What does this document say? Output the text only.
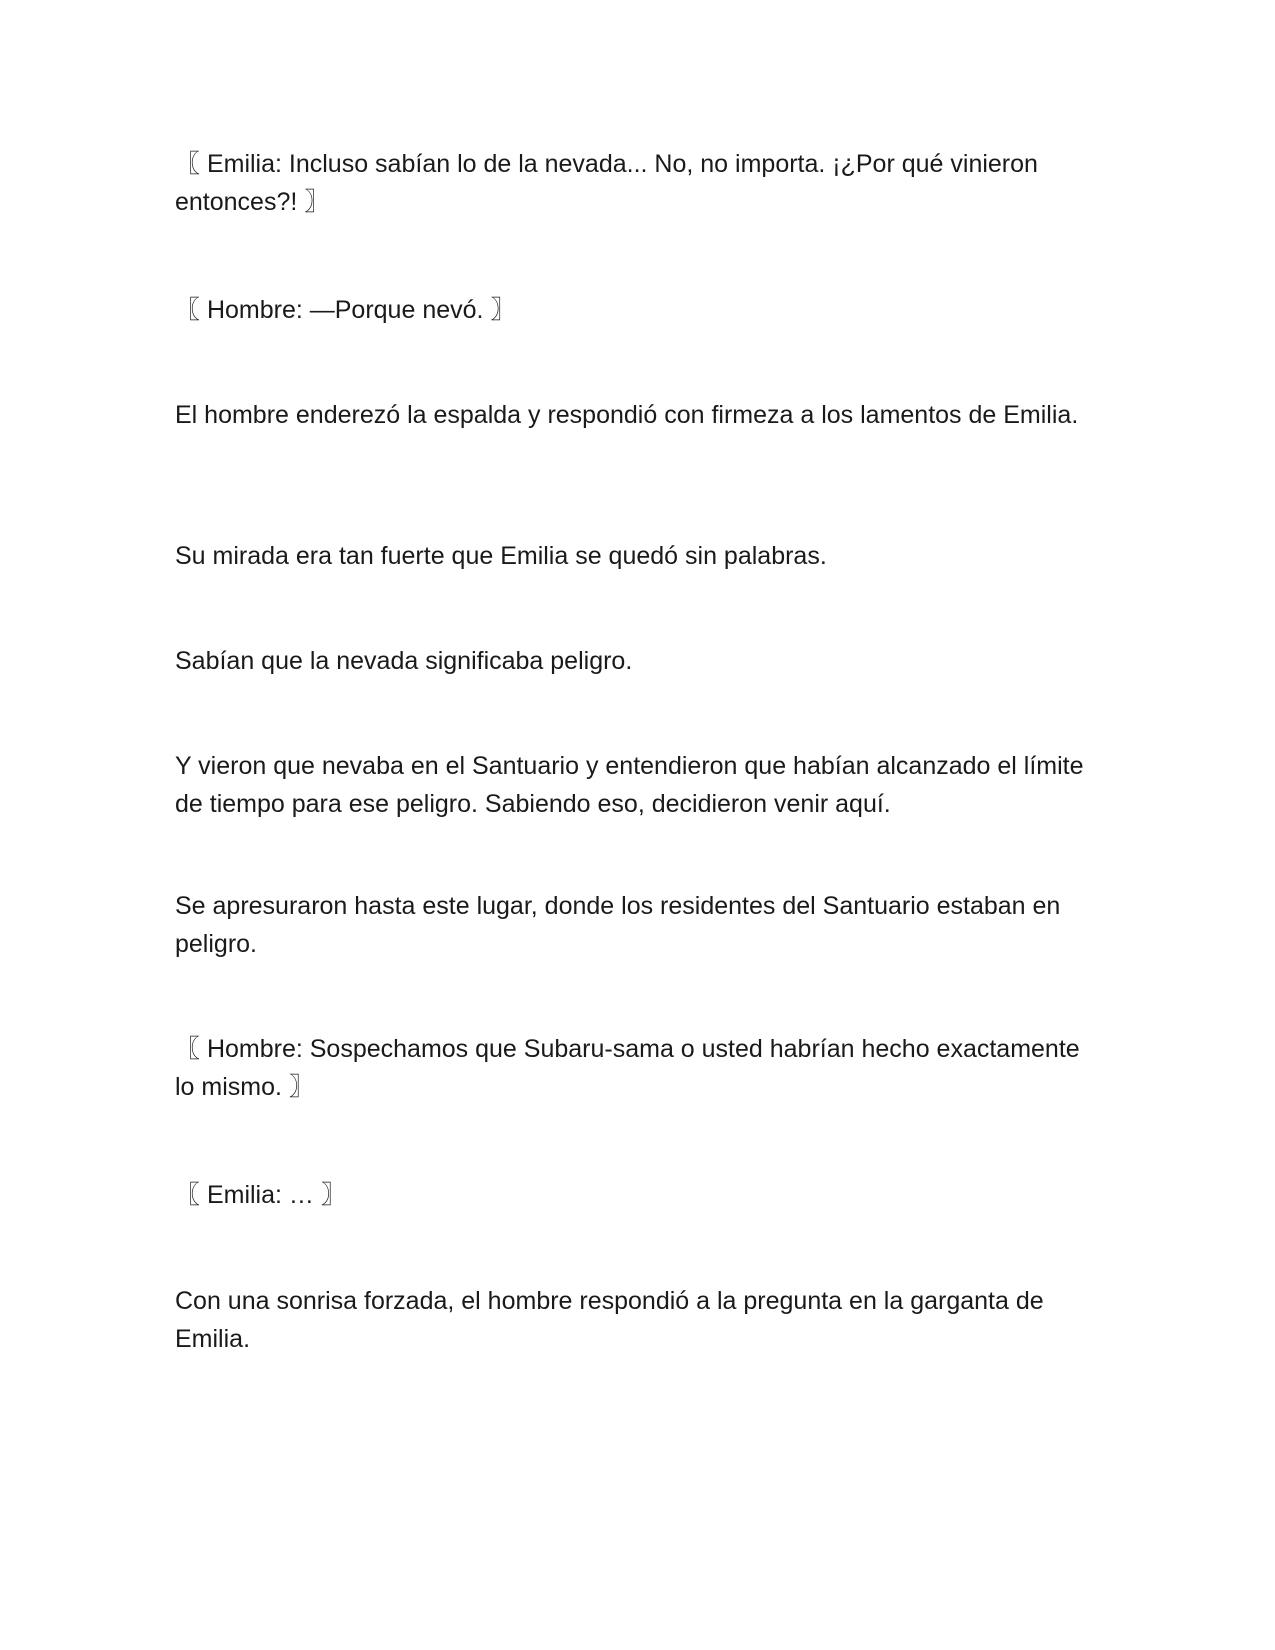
〖 Emilia: Incluso sabían lo de la nevada... No, no importa. ¡¿Por qué vinieron entonces?! 〗

〖 Hombre: —Porque nevó. 〗

El hombre enderezó la espalda y respondió con firmeza a los lamentos de Emilia.

Su mirada era tan fuerte que Emilia se quedó sin palabras.

Sabían que la nevada significaba peligro.

Y vieron que nevaba en el Santuario y entendieron que habían alcanzado el límite de tiempo para ese peligro. Sabiendo eso, decidieron venir aquí.

Se apresuraron hasta este lugar, donde los residentes del Santuario estaban en peligro.

〖 Hombre: Sospechamos que Subaru-sama o usted habrían hecho exactamente lo mismo. 〗

〖 Emilia: … 〗

Con una sonrisa forzada, el hombre respondió a la pregunta en la garganta de Emilia.
